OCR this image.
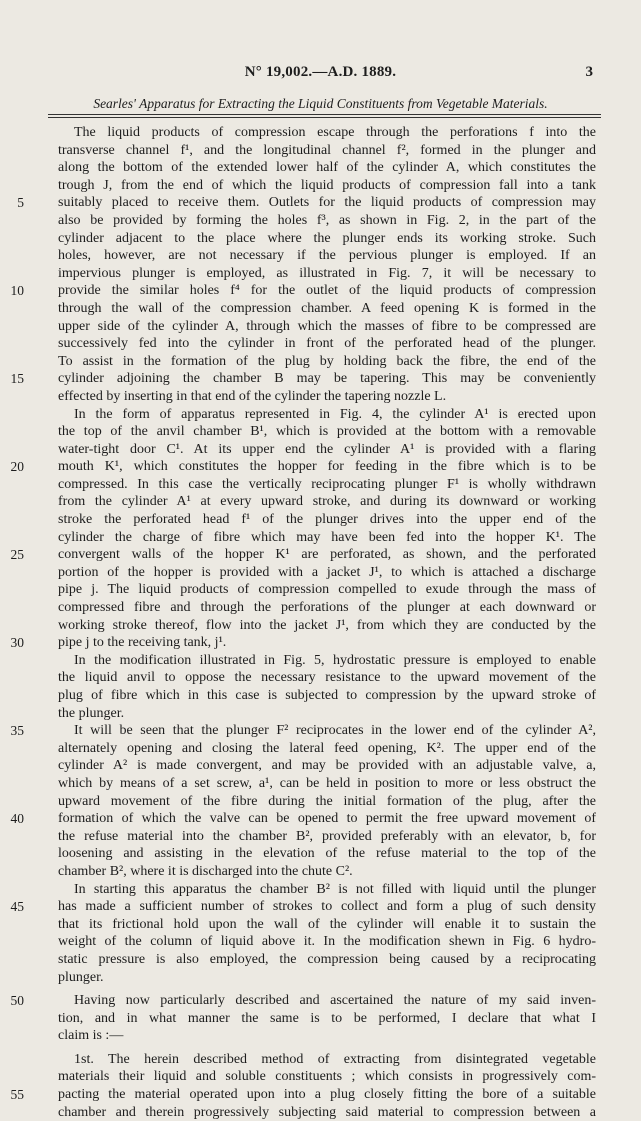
N° 19,002.—A.D. 1889.	3
Searles' Apparatus for Extracting the Liquid Constituents from Vegetable Materials.
The liquid products of compression escape through the perforations f into the
transverse channel f¹, and the longitudinal channel f², formed in the plunger and
along the bottom of the extended lower half of the cylinder A, which constitutes the
trough J, from the end of which the liquid products of compression fall into a tank
5 suitably placed to receive them. Outlets for the liquid products of compression may
also be provided by forming the holes f³, as shown in Fig. 2, in the part of the
cylinder adjacent to the place where the plunger ends its working stroke. Such
holes, however, are not necessary if the pervious plunger is employed. If an
impervious plunger is employed, as illustrated in Fig. 7, it will be necessary to
10 provide the similar holes f⁴ for the outlet of the liquid products of compression
through the wall of the compression chamber. A feed opening K is formed in the
upper side of the cylinder A, through which the masses of fibre to be compressed are
successively fed into the cylinder in front of the perforated head of the plunger.
To assist in the formation of the plug by holding back the fibre, the end of the
15 cylinder adjoining the chamber B may be tapering. This may be conveniently
effected by inserting in that end of the cylinder the tapering nozzle L.
In the form of apparatus represented in Fig. 4, the cylinder A¹ is erected upon
the top of the anvil chamber B¹, which is provided at the bottom with a removable
water-tight door C¹. At its upper end the cylinder A¹ is provided with a flaring
20 mouth K¹, which constitutes the hopper for feeding in the fibre which is to be
compressed. In this case the vertically reciprocating plunger F¹ is wholly withdrawn
from the cylinder A¹ at every upward stroke, and during its downward or working
stroke the perforated head f¹ of the plunger drives into the upper end of the
cylinder the charge of fibre which may have been fed into the hopper K¹. The
25 convergent walls of the hopper K¹ are perforated, as shown, and the perforated
portion of the hopper is provided with a jacket J¹, to which is attached a discharge
pipe j. The liquid products of compression compelled to exude through the mass of
compressed fibre and through the perforations of the plunger at each downward or
working stroke thereof, flow into the jacket J¹, from which they are conducted by the
30 pipe j to the receiving tank, j¹.
In the modification illustrated in Fig. 5, hydrostatic pressure is employed to enable
the liquid anvil to oppose the necessary resistance to the upward movement of the
plug of fibre which in this case is subjected to compression by the upward stroke of
the plunger.
35	It will be seen that the plunger F² reciprocates in the lower end of the cylinder A²,
alternately opening and closing the lateral feed opening, K². The upper end of the
cylinder A² is made convergent, and may be provided with an adjustable valve, a,
which by means of a set screw, a¹, can be held in position to more or less obstruct the
upward movement of the fibre during the initial formation of the plug, after the
40 formation of which the valve can be opened to permit the free upward movement of
the refuse material into the chamber B², provided preferably with an elevator, b, for
loosening and assisting in the elevation of the refuse material to the top of the
chamber B², where it is discharged into the chute C².
In starting this apparatus the chamber B² is not filled with liquid until the plunger
45 has made a sufficient number of strokes to collect and form a plug of such density
that its frictional hold upon the wall of the cylinder will enable it to sustain the
weight of the column of liquid above it. In the modification shewn in Fig. 6 hydro-
static pressure is also employed, the compression being caused by a reciprocating
plunger.
50	Having now particularly described and ascertained the nature of my said inven-
tion, and in what manner the same is to be performed, I declare that what I
claim is :—
1st. The herein described method of extracting from disintegrated vegetable
materials their liquid and soluble constituents ; which consists in progressively com-
55 pacting the material operated upon into a plug closely fitting the bore of a suitable
chamber and therein progressively subjecting said material to compression between a
